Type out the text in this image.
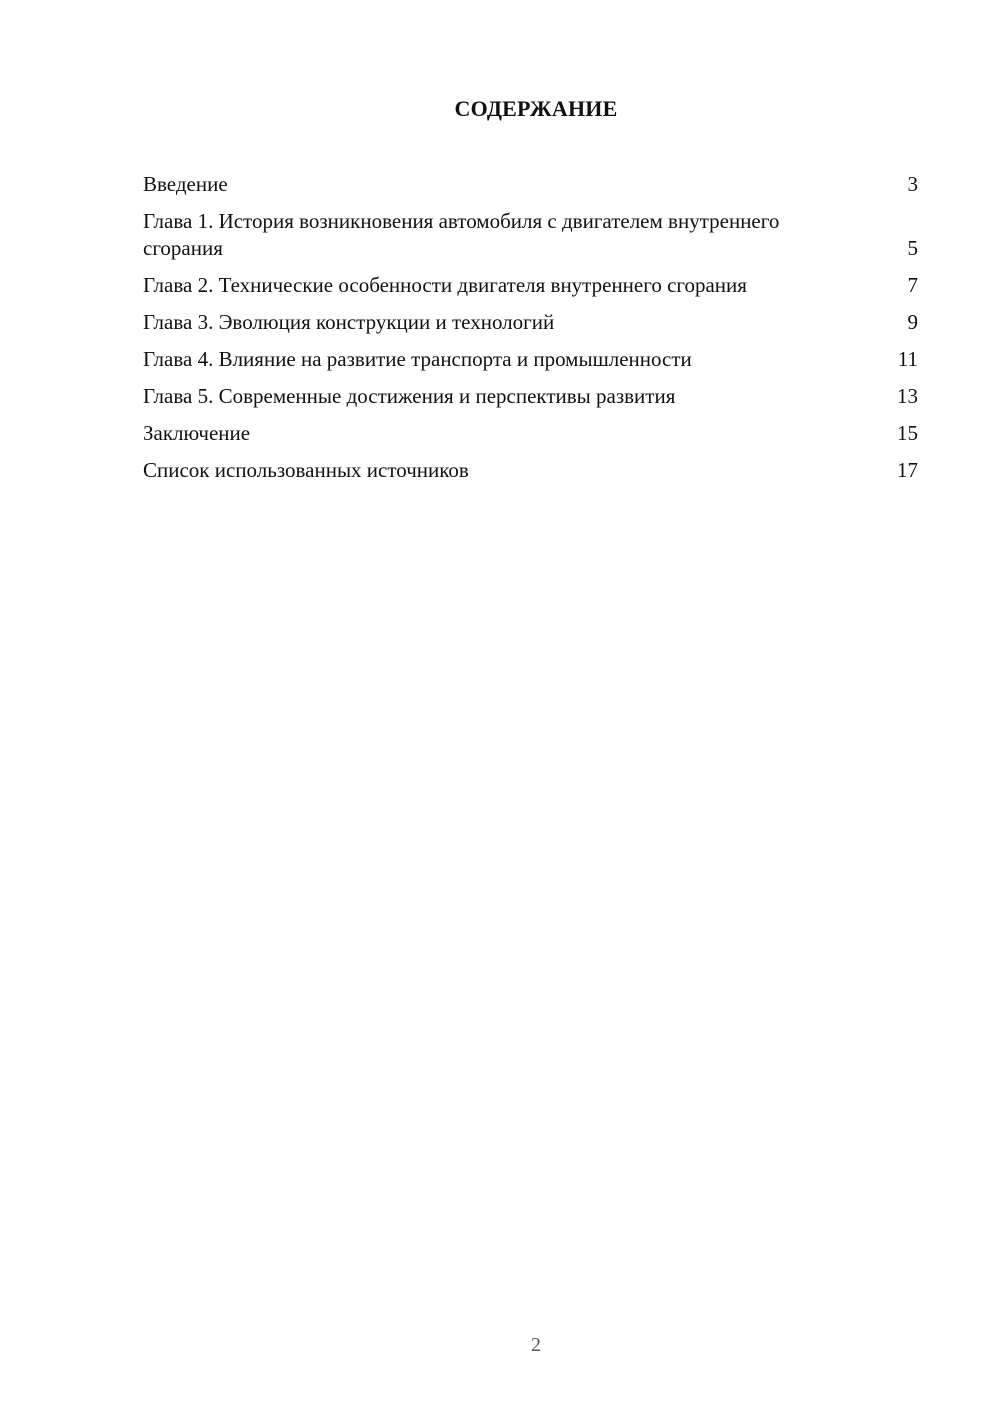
СОДЕРЖАНИЕ
Введение	3
Глава 1. История возникновения автомобиля с двигателем внутреннего сгорания	5
Глава 2. Технические особенности двигателя внутреннего сгорания	7
Глава 3. Эволюция конструкции и технологий	9
Глава 4. Влияние на развитие транспорта и промышленности	11
Глава 5. Современные достижения и перспективы развития	13
Заключение	15
Список использованных источников	17
2
